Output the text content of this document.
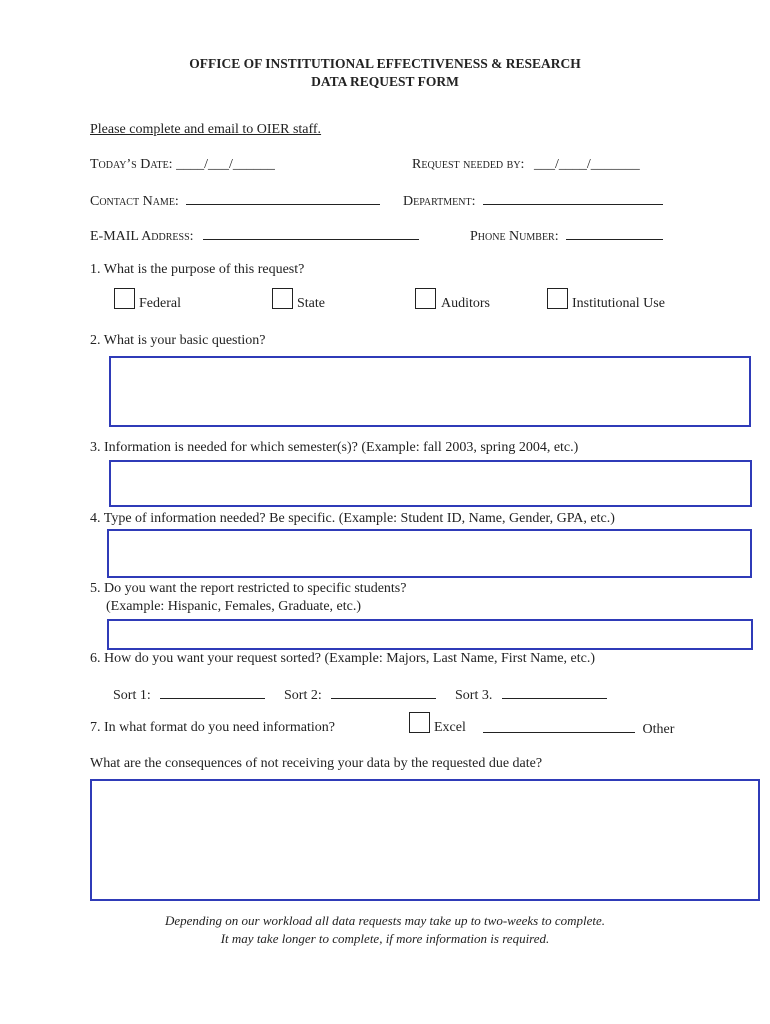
OFFICE OF INSTITUTIONAL EFFECTIVENESS & RESEARCH
DATA REQUEST FORM
Please complete and email to OIER staff.
Today’s Date: ____/___/______	Request needed by: ___/____/_______
Contact Name:	Department:
E-MAIL Address:	Phone Number:
1. What is the purpose of this request?
Federal	State	Auditors	Institutional Use
2. What is your basic question?
3. Information is needed for which semester(s)? (Example: fall 2003, spring 2004, etc.)
4. Type of information needed? Be specific. (Example: Student ID, Name, Gender, GPA, etc.)
5. Do you want the report restricted to specific students?
(Example: Hispanic, Females, Graduate, etc.)
6. How do you want your request sorted? (Example: Majors, Last Name, First Name, etc.)
Sort 1:	Sort 2:	Sort 3.
7. In what format do you need information?	Excel	Other
What are the consequences of not receiving your data by the requested due date?
Depending on our workload all data requests may take up to two-weeks to complete.
It may take longer to complete, if more information is required.
